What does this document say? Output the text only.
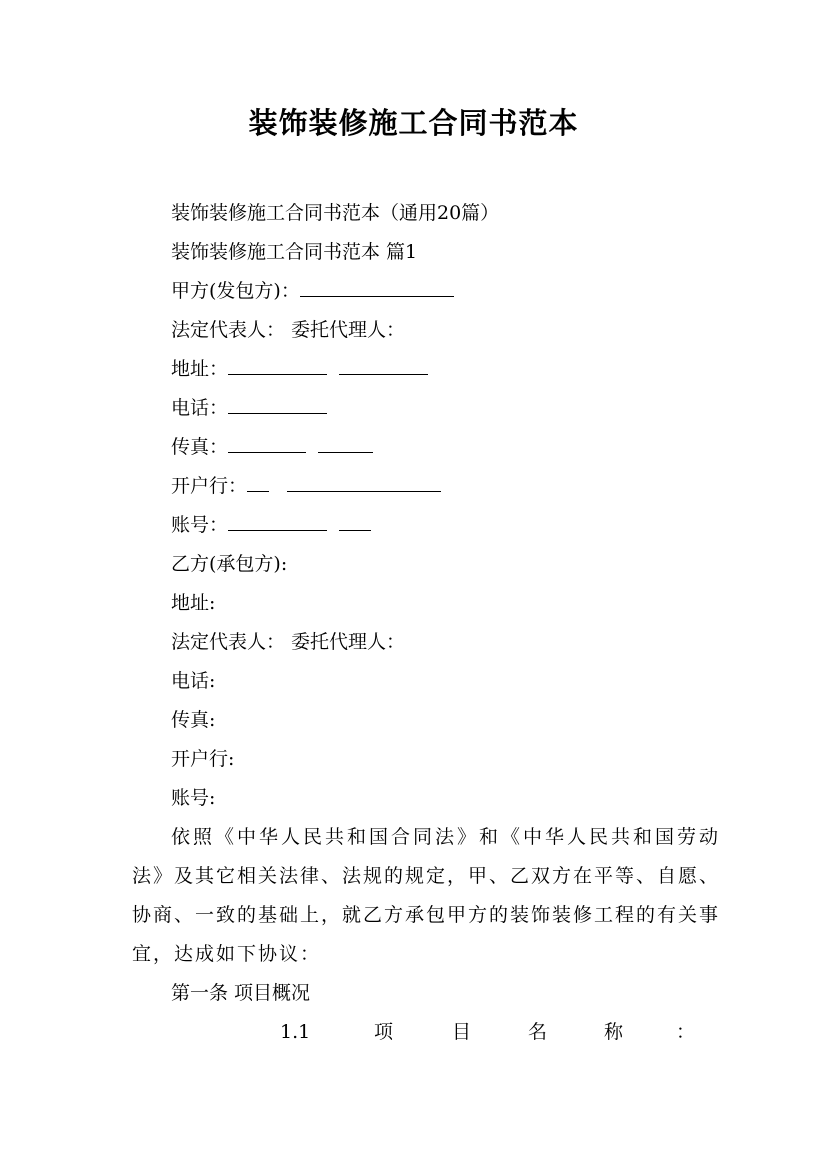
装饰装修施工合同书范本
装饰装修施工合同书范本（通用20篇）
装饰装修施工合同书范本 篇1
甲方(发包方)：
法定代表人： 委托代理人：
地址：
电话：
传真：
开户行：
账号：
乙方(承包方):
地址:
法定代表人： 委托代理人：
电话:
传真:
开户行:
账号:

依照《中华人民共和国合同法》和《中华人民共和国劳动法》及其它相关法律、法规的规定，甲、乙双方在平等、自愿、协商、一致的基础上，就乙方承包甲方的装饰装修工程的有关事宜，达成如下协议：

第一条 项目概况
1.1	项	目	名	称	：
